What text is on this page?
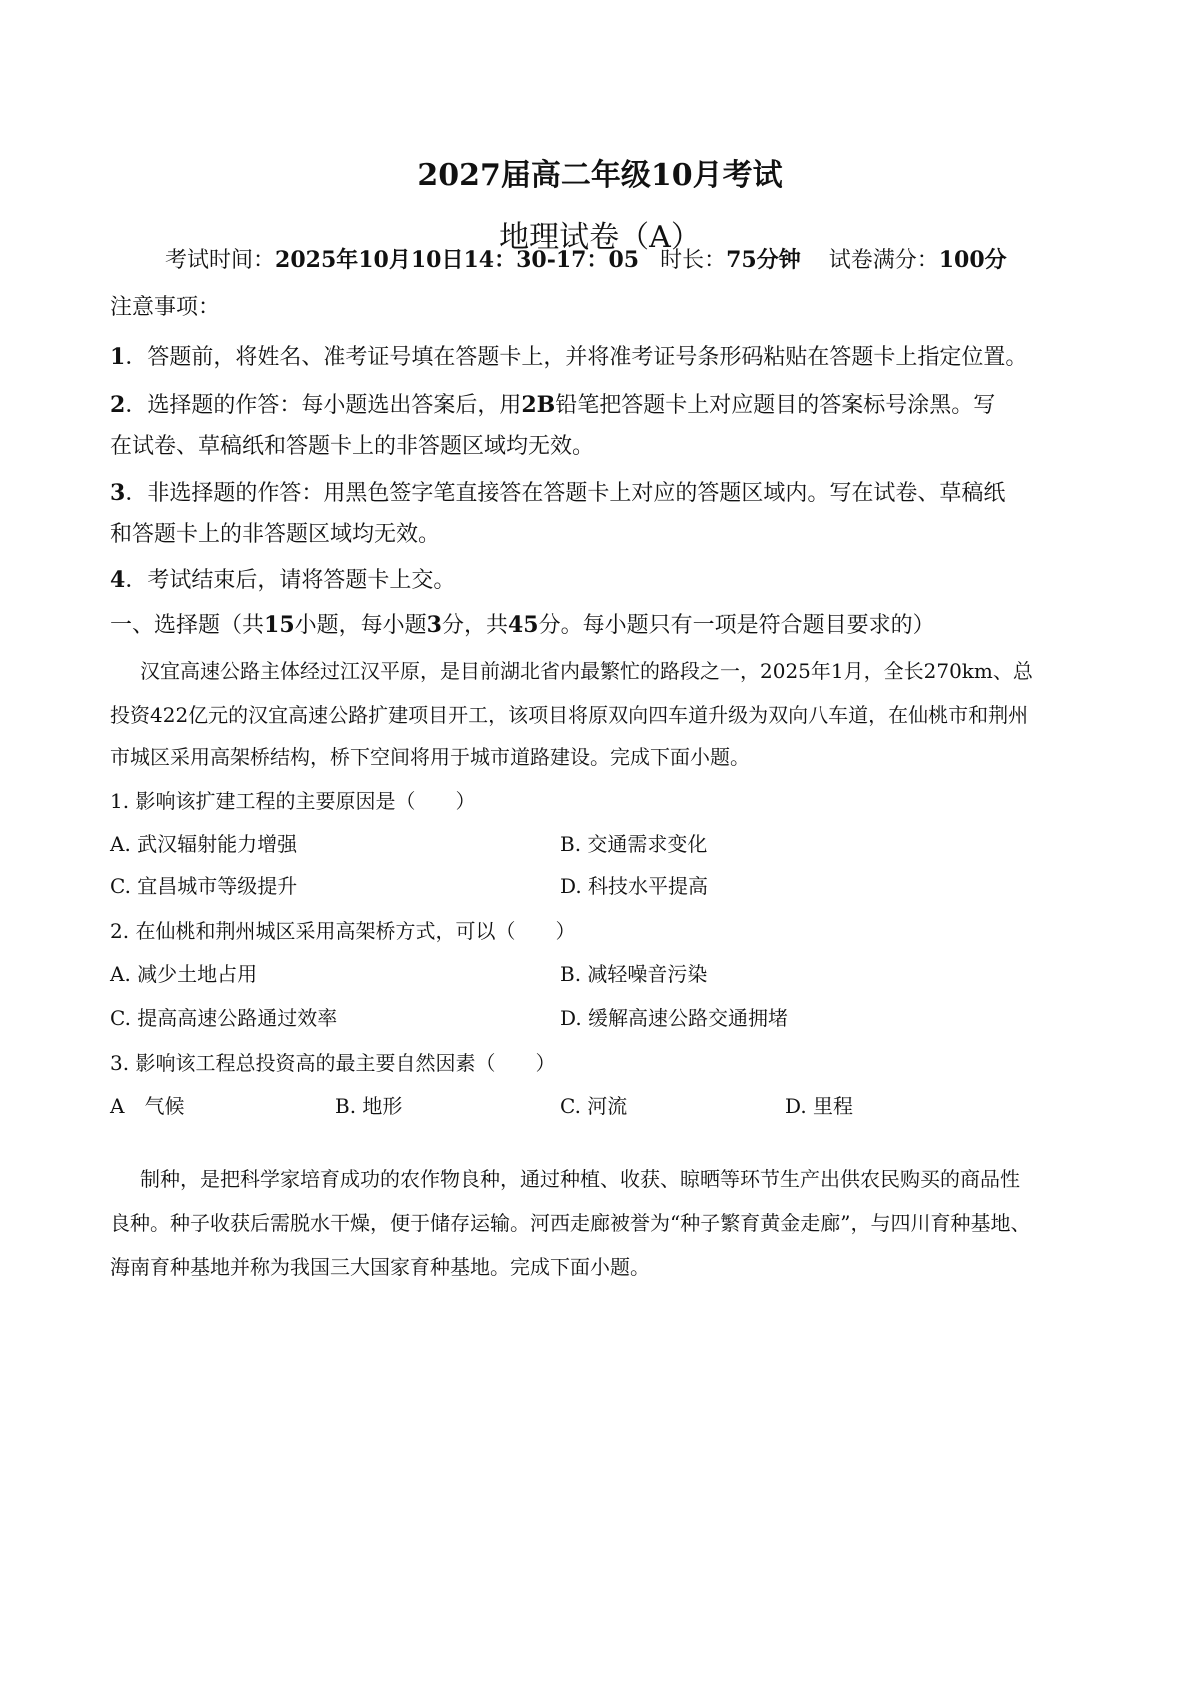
2027届高二年级10月考试
地理试卷（A）
考试时间：2025年10月10日14：30-17：05 时长：75分钟 试卷满分：100分
注意事项：
1．答题前，将姓名、准考证号填在答题卡上，并将准考证号条形码粘贴在答题卡上指定位置。
2．选择题的作答：每小题选出答案后，用2B铅笔把答题卡上对应题目的答案标号涂黑。写
在试卷、草稿纸和答题卡上的非答题区域均无效。
3．非选择题的作答：用黑色签字笔直接答在答题卡上对应的答题区域内。写在试卷、草稿纸
和答题卡上的非答题区域均无效。
4．考试结束后，请将答题卡上交。
一、选择题（共15小题，每小题3分，共45分。每小题只有一项是符合题目要求的）
汉宜高速公路主体经过江汉平原，是目前湖北省内最繁忙的路段之一，2025年1月，全长270km、总
投资422亿元的汉宜高速公路扩建项目开工，该项目将原双向四车道升级为双向八车道，在仙桃市和荆州
市城区采用高架桥结构，桥下空间将用于城市道路建设。完成下面小题。
1. 影响该扩建工程的主要原因是（　　）
A. 武汉辐射能力增强	B. 交通需求变化
C. 宜昌城市等级提升	D. 科技水平提高
2. 在仙桃和荆州城区采用高架桥方式，可以（　　）
A. 减少土地占用	B. 减轻噪音污染
C. 提高高速公路通过效率	D. 缓解高速公路交通拥堵
3. 影响该工程总投资高的最主要自然因素（　　）
A　气候	B. 地形	C. 河流	D. 里程
制种，是把科学家培育成功的农作物良种，通过种植、收获、晾晒等环节生产出供农民购买的商品性
良种。种子收获后需脱水干燥，便于储存运输。河西走廊被誉为“种子繁育黄金走廊”，与四川育种基地、
海南育种基地并称为我国三大国家育种基地。完成下面小题。
